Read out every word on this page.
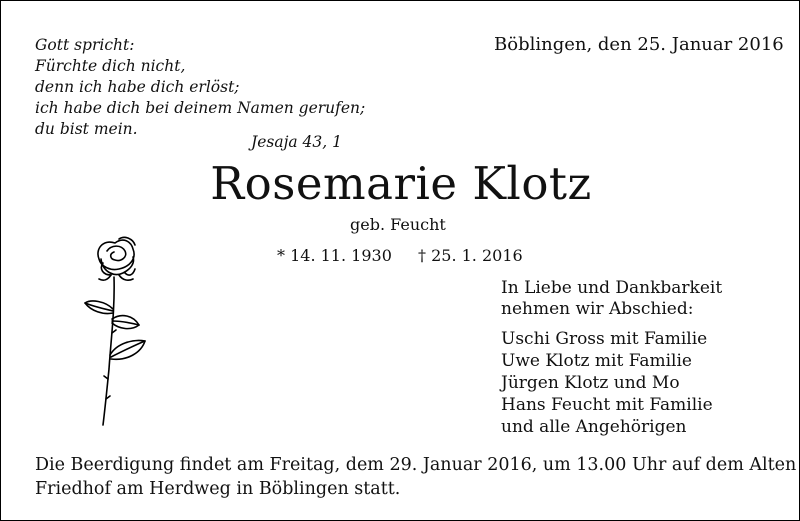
Gott spricht:
Fürchte dich nicht,
denn ich habe dich erlöst;
ich habe dich bei deinem Namen gerufen;
du bist mein.
Jesaja 43, 1
Böblingen, den 25. Januar 2016
Rosemarie Klotz
geb. Feucht
* 14. 11. 1930 † 25. 1. 2016
In Liebe und Dankbarkeit
nehmen wir Abschied:
Uschi Gross mit Familie
Uwe Klotz mit Familie
Jürgen Klotz und Mo
Hans Feucht mit Familie
und alle Angehörigen
Die Beerdigung findet am Freitag, dem 29. Januar 2016, um 13.00 Uhr auf dem Alten
Friedhof am Herdweg in Böblingen statt.
